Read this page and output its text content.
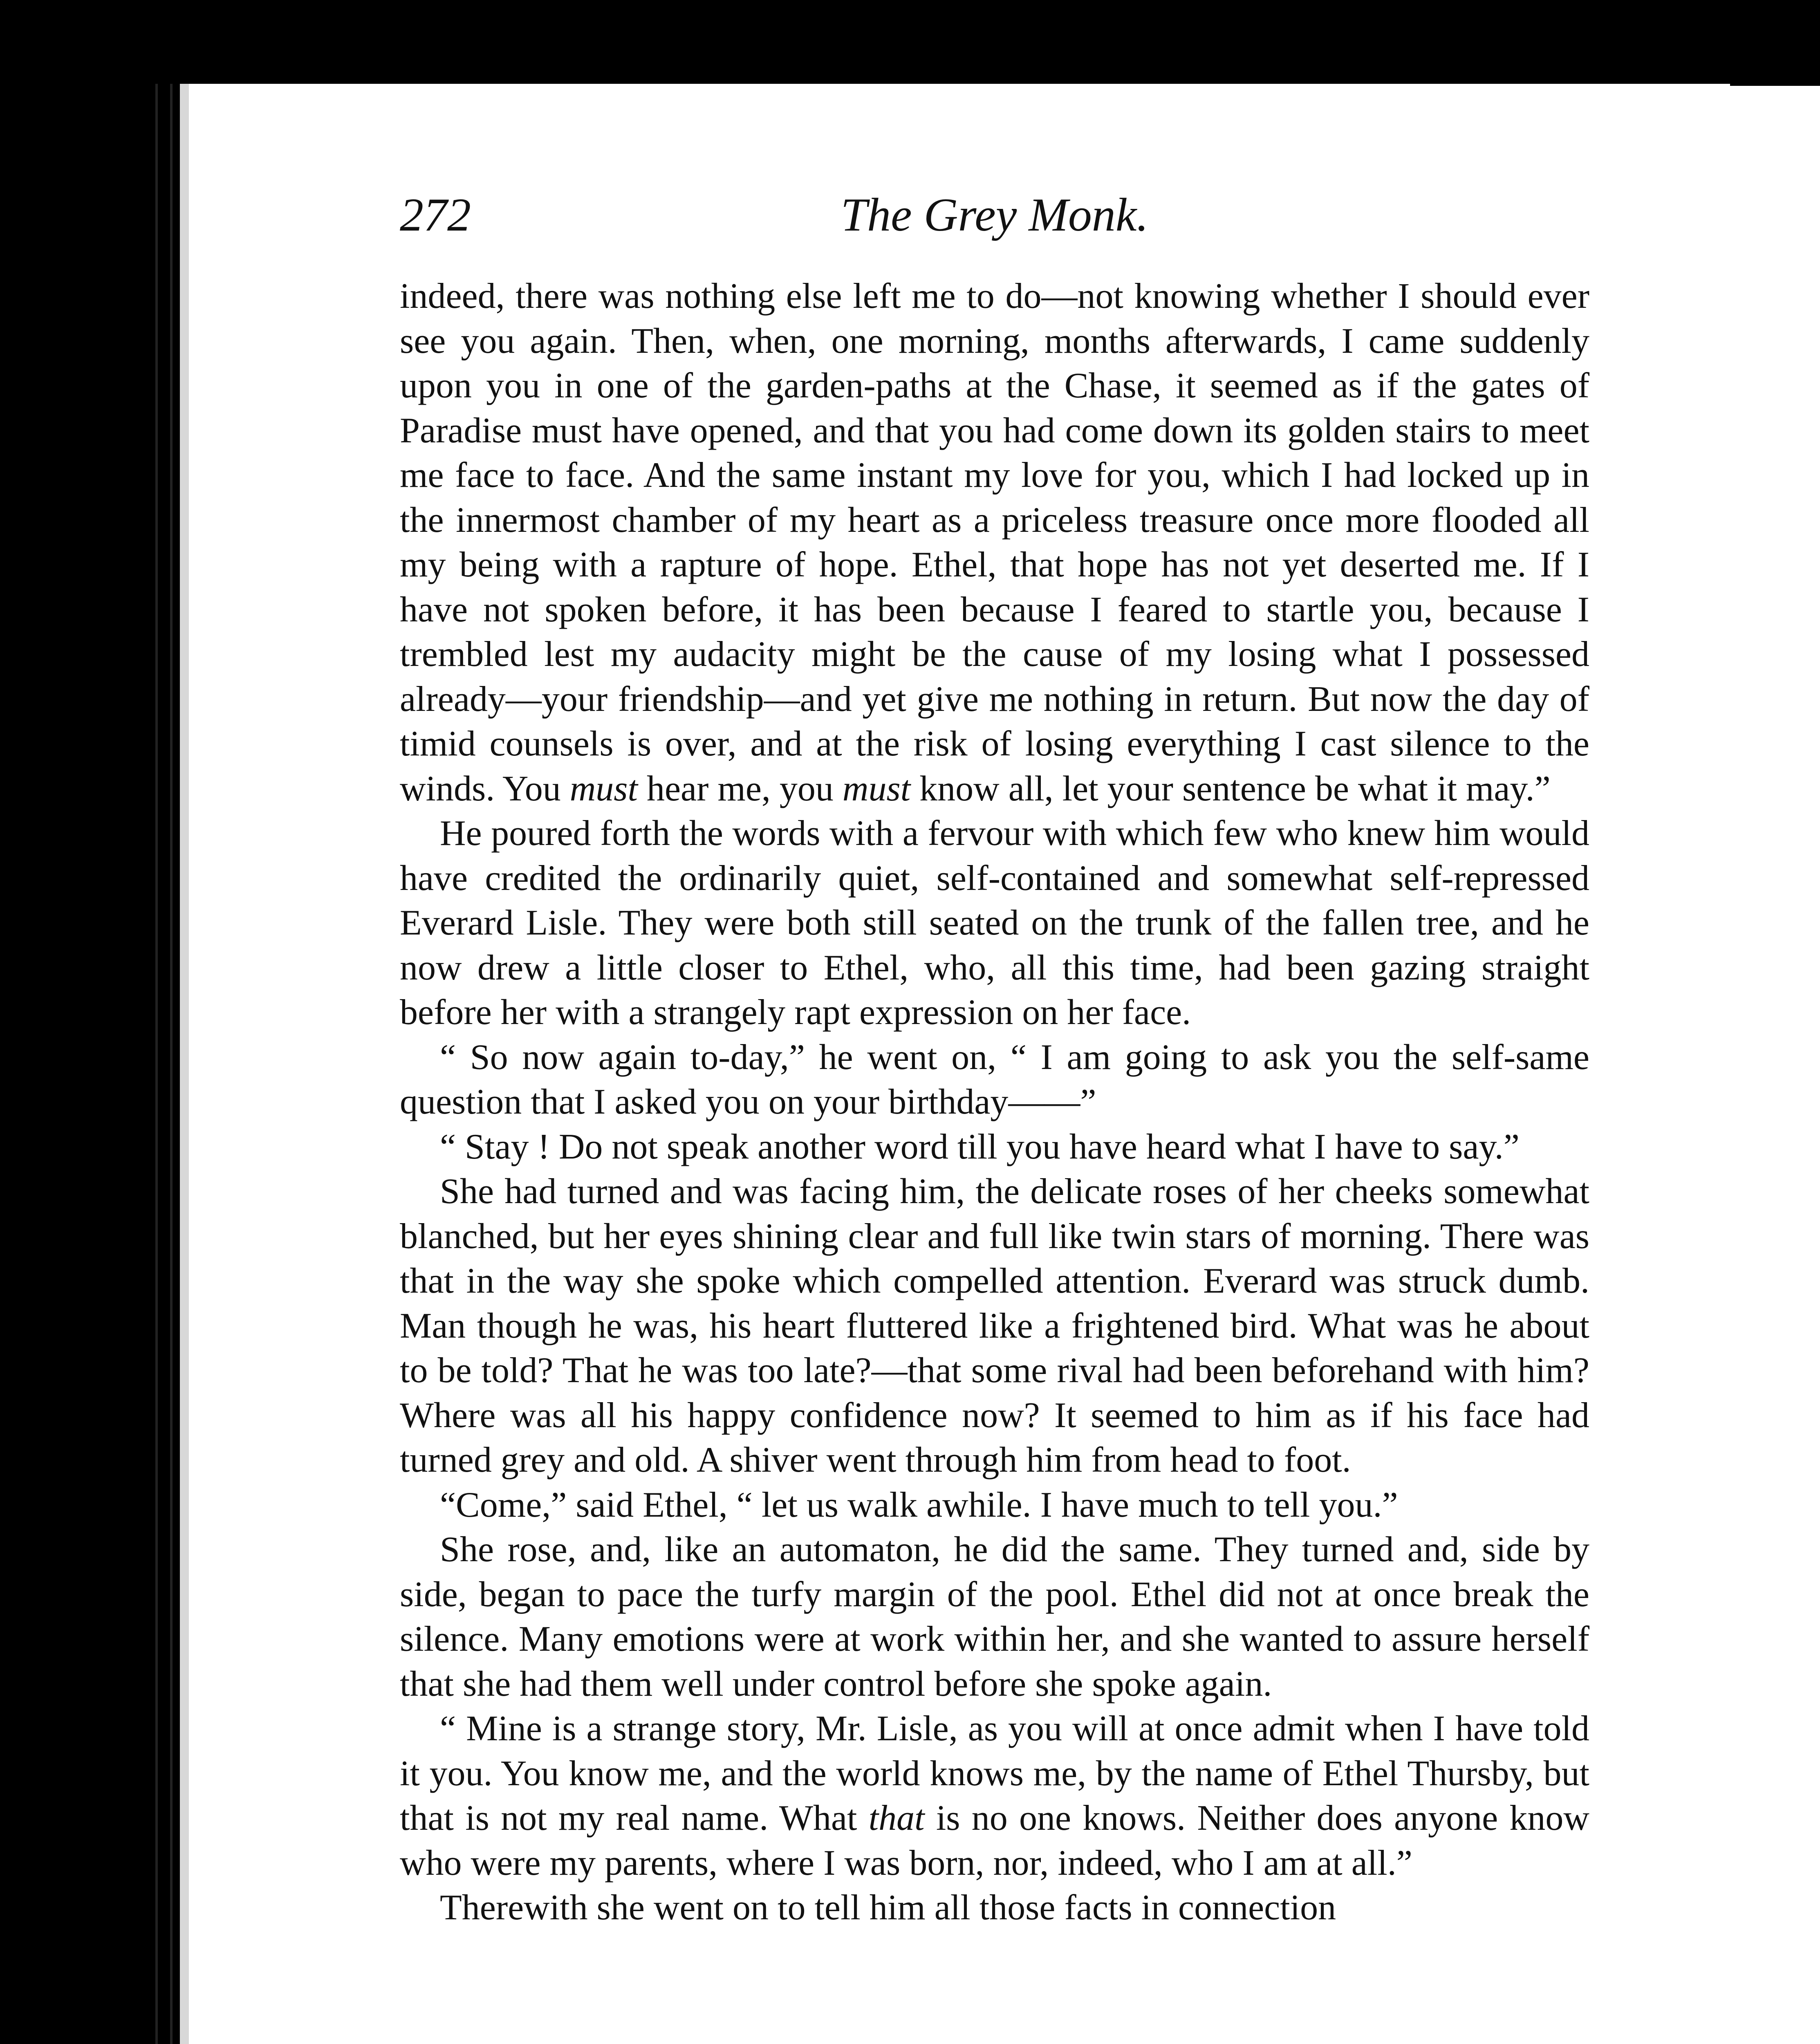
272	The Grey Monk.

indeed, there was nothing else left me to do—not knowing whether I should ever see you again. Then, when, one morning, months afterwards, I came suddenly upon you in one of the garden-paths at the Chase, it seemed as if the gates of Paradise must have opened, and that you had come down its golden stairs to meet me face to face. And the same instant my love for you, which I had locked up in the innermost chamber of my heart as a priceless treasure once more flooded all my being with a rapture of hope. Ethel, that hope has not yet deserted me. If I have not spoken before, it has been because I feared to startle you, because I trembled lest my audacity might be the cause of my losing what I possessed already—your friendship—and yet give me nothing in return. But now the day of timid counsels is over, and at the risk of losing everything I cast silence to the winds. You must hear me, you must know all, let your sentence be what it may.”

He poured forth the words with a fervour with which few who knew him would have credited the ordinarily quiet, self-contained and somewhat self-repressed Everard Lisle. They were both still seated on the trunk of the fallen tree, and he now drew a little closer to Ethel, who, all this time, had been gazing straight before her with a strangely rapt expression on her face.

“ So now again to-day,” he went on, “ I am going to ask you the self-same question that I asked you on your birthday——”

“ Stay ! Do not speak another word till you have heard what I have to say.”

She had turned and was facing him, the delicate roses of her cheeks somewhat blanched, but her eyes shining clear and full like twin stars of morning. There was that in the way she spoke which compelled attention. Everard was struck dumb. Man though he was, his heart fluttered like a frightened bird. What was he about to be told? That he was too late?—that some rival had been beforehand with him? Where was all his happy confidence now? It seemed to him as if his face had turned grey and old. A shiver went through him from head to foot.

“Come,” said Ethel, “ let us walk awhile. I have much to tell you.”

She rose, and, like an automaton, he did the same. They turned and, side by side, began to pace the turfy margin of the pool. Ethel did not at once break the silence. Many emotions were at work within her, and she wanted to assure herself that she had them well under control before she spoke again.

“ Mine is a strange story, Mr. Lisle, as you will at once admit when I have told it you. You know me, and the world knows me, by the name of Ethel Thursby, but that is not my real name. What that is no one knows. Neither does anyone know who were my parents, where I was born, nor, indeed, who I am at all.”

Therewith she went on to tell him all those facts in connection
